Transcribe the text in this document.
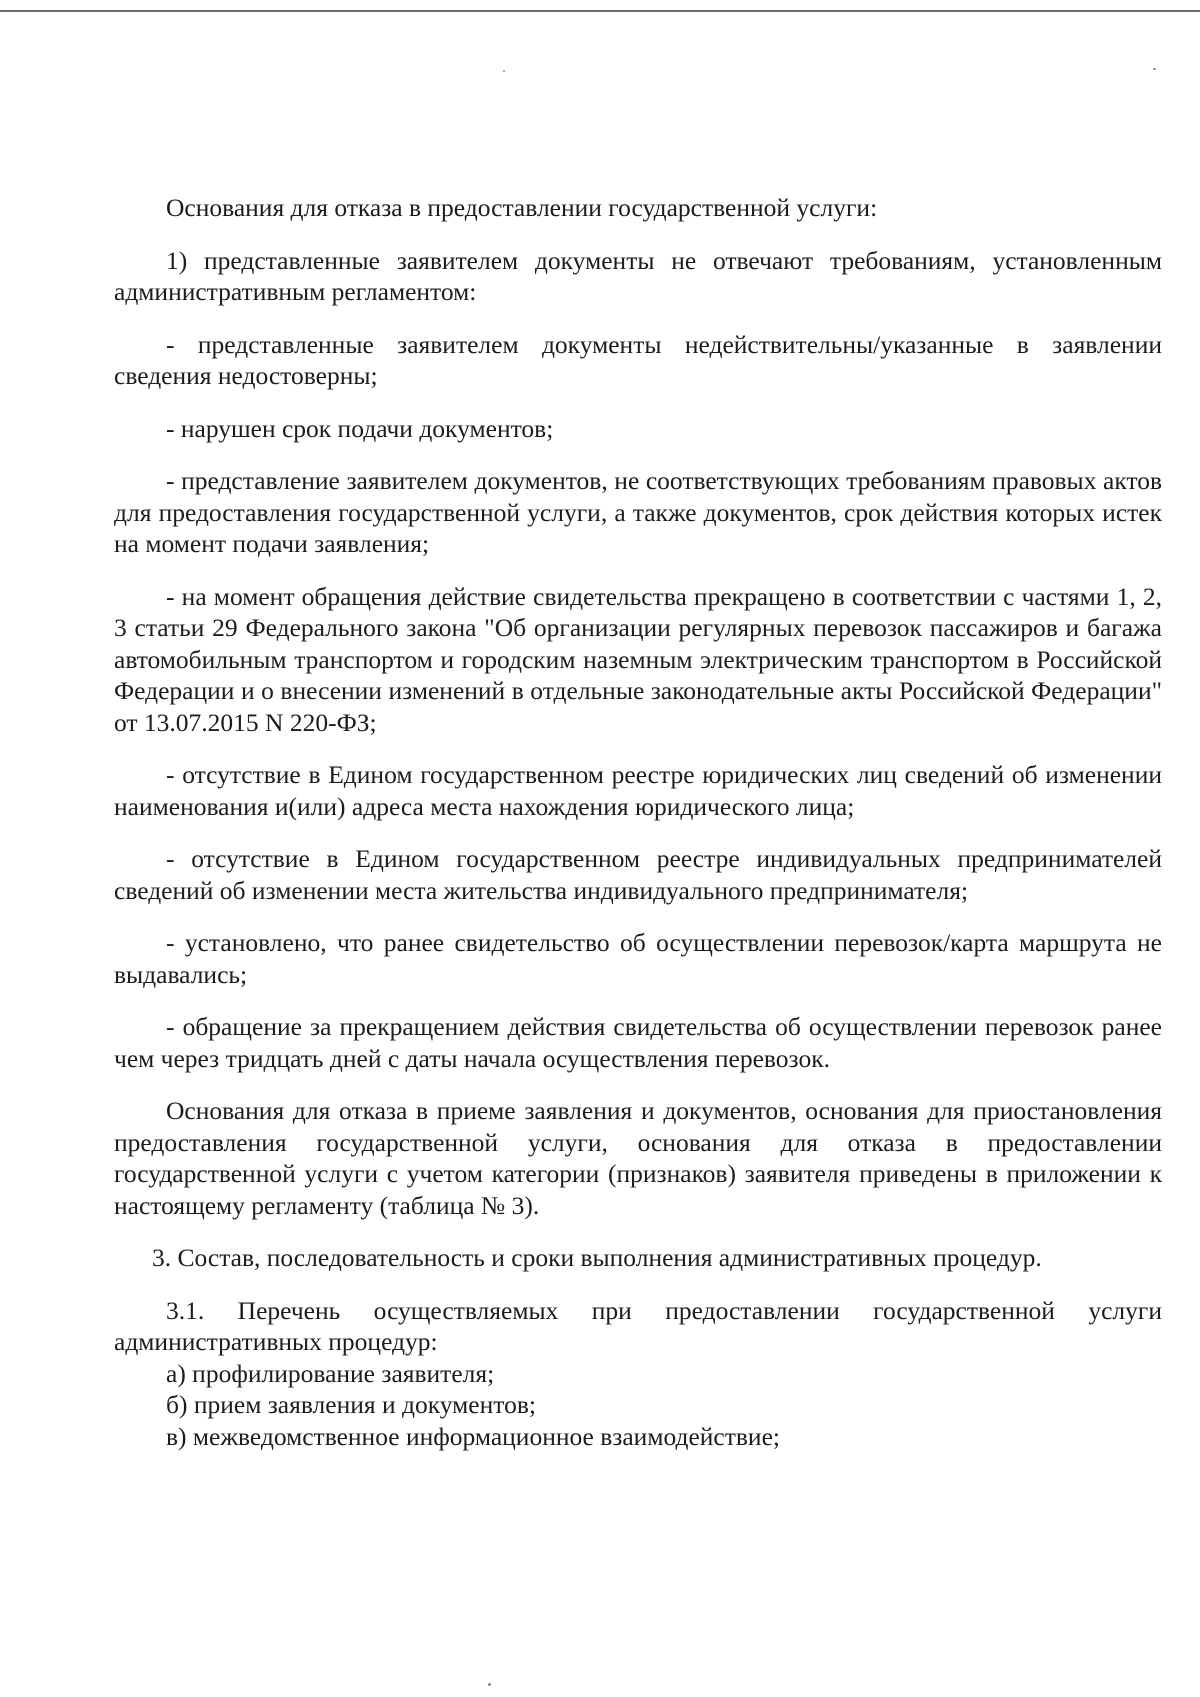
Основания для отказа в предоставлении государственной услуги:

1) представленные заявителем документы не отвечают требованиям, установленным административным регламентом:

- представленные заявителем документы недействительны/указанные в заявлении сведения недостоверны;

- нарушен срок подачи документов;

- представление заявителем документов, не соответствующих требованиям правовых актов для предоставления государственной услуги, а также документов, срок действия которых истек на момент подачи заявления;

- на момент обращения действие свидетельства прекращено в соответствии с частями 1, 2, 3 статьи 29 Федерального закона "Об организации регулярных перевозок пассажиров и багажа автомобильным транспортом и городским наземным электрическим транспортом в Российской Федерации и о внесении изменений в отдельные законодательные акты Российской Федерации" от 13.07.2015 N 220-ФЗ;

- отсутствие в Едином государственном реестре юридических лиц сведений об изменении наименования и(или) адреса места нахождения юридического лица;

- отсутствие в Едином государственном реестре индивидуальных предпринимателей сведений об изменении места жительства индивидуального предпринимателя;

- установлено, что ранее свидетельство об осуществлении перевозок/карта маршрута не выдавались;

- обращение за прекращением действия свидетельства об осуществлении перевозок ранее чем через тридцать дней с даты начала осуществления перевозок.

Основания для отказа в приеме заявления и документов, основания для приостановления предоставления государственной услуги, основания для отказа в предоставлении государственной услуги с учетом категории (признаков) заявителя приведены в приложении к настоящему регламенту (таблица № 3).

3. Состав, последовательность и сроки выполнения административных процедур.

3.1. Перечень осуществляемых при предоставлении государственной услуги административных процедур:

а) профилирование заявителя;

б) прием заявления и документов;

в) межведомственное информационное взаимодействие;
